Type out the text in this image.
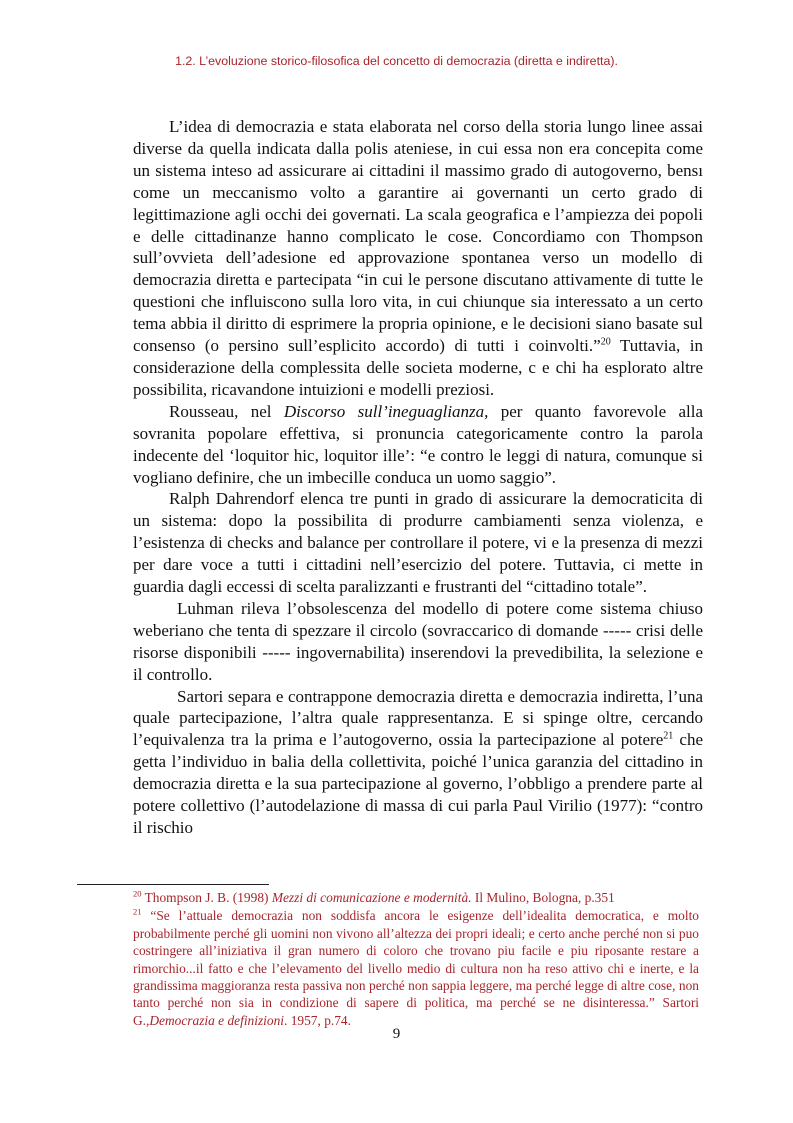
1.2. L’evoluzione storico-filosofica del concetto di democrazia (diretta e indiretta).

L’idea di democrazia e stata elaborata nel corso della storia lungo linee assai diverse da quella indicata dalla polis ateniese, in cui essa non era concepita come un sistema inteso ad assicurare ai cittadini il massimo grado di autogoverno, bensı come un meccanismo volto a garantire ai governanti un certo grado di legittimazione agli occhi dei governati. La scala geografica e l’ampiezza dei popoli e delle cittadinanze hanno complicato le cose. Concordiamo con Thompson sull’ovvieta dell’adesione ed approvazione spontanea verso un modello di democrazia diretta e partecipata “in cui le persone discutano attivamente di tutte le questioni che influiscono sulla loro vita, in cui chiunque sia interessato a un certo tema abbia il diritto di esprimere la propria opinione, e le decisioni siano basate sul consenso (o persino sull’esplicito accordo) di tutti i coinvolti.”$^{20}$ Tuttavia, in considerazione della complessita delle societa moderne, c e chi ha esplorato altre possibilita, ricavandone intuizioni e modelli preziosi.

Rousseau, nel Discorso sull’ineguaglianza, per quanto favorevole alla sovranita popolare effettiva, si pronuncia categoricamente contro la parola indecente del ‘loquitor hic, loquitor ille’: “e contro le leggi di natura, comunque si vogliano definire, che un imbecille conduca un uomo saggio”.

Ralph Dahrendorf elenca tre punti in grado di assicurare la democraticita di un sistema: dopo la possibilita di produrre cambiamenti senza violenza, e l’esistenza di checks and balance per controllare il potere, vi e la presenza di mezzi per dare voce a tutti i cittadini nell’esercizio del potere. Tuttavia, ci mette in guardia dagli eccessi di scelta paralizzanti e frustranti del “cittadino totale”.

Luhman rileva l’obsolescenza del modello di potere come sistema chiuso weberiano che tenta di spezzare il circolo (sovraccarico di domande ----- crisi delle risorse disponibili ----- ingovernabilita) inserendovi la prevedibilita, la selezione e il controllo.

Sartori separa e contrappone democrazia diretta e democrazia indiretta, l’una quale partecipazione, l’altra quale rappresentanza. E si spinge oltre, cercando l’equivalenza tra la prima e l’autogoverno, ossia la partecipazione al potere$^{21}$ che getta l’individuo in balia della collettivita, poiché l’unica garanzia del cittadino in democrazia diretta e la sua partecipazione al governo, l’obbligo a prendere parte al potere collettivo (l’autodelazione di massa di cui parla Paul Virilio (1977): “contro il rischio

$^{20}$ Thompson J. B. (1998) Mezzi di comunicazione e modernità. Il Mulino, Bologna, p.351

$^{21}$ “Se l’attuale democrazia non soddisfa ancora le esigenze dell’idealita democratica, e molto probabilmente perché gli uomini non vivono all’altezza dei propri ideali; e certo anche perché non si puo costringere all’iniziativa il gran numero di coloro che trovano piu facile e piu riposante restare a rimorchio...il fatto e che l’elevamento del livello medio di cultura non ha reso attivo chi e inerte, e la grandissima maggioranza resta passiva non perché non sappia leggere, ma perché legge di altre cose, non tanto perché non sia in condizione di sapere di politica, ma perché se ne disinteressa.” Sartori G.,Democrazia e definizioni. 1957, p.74.

9
